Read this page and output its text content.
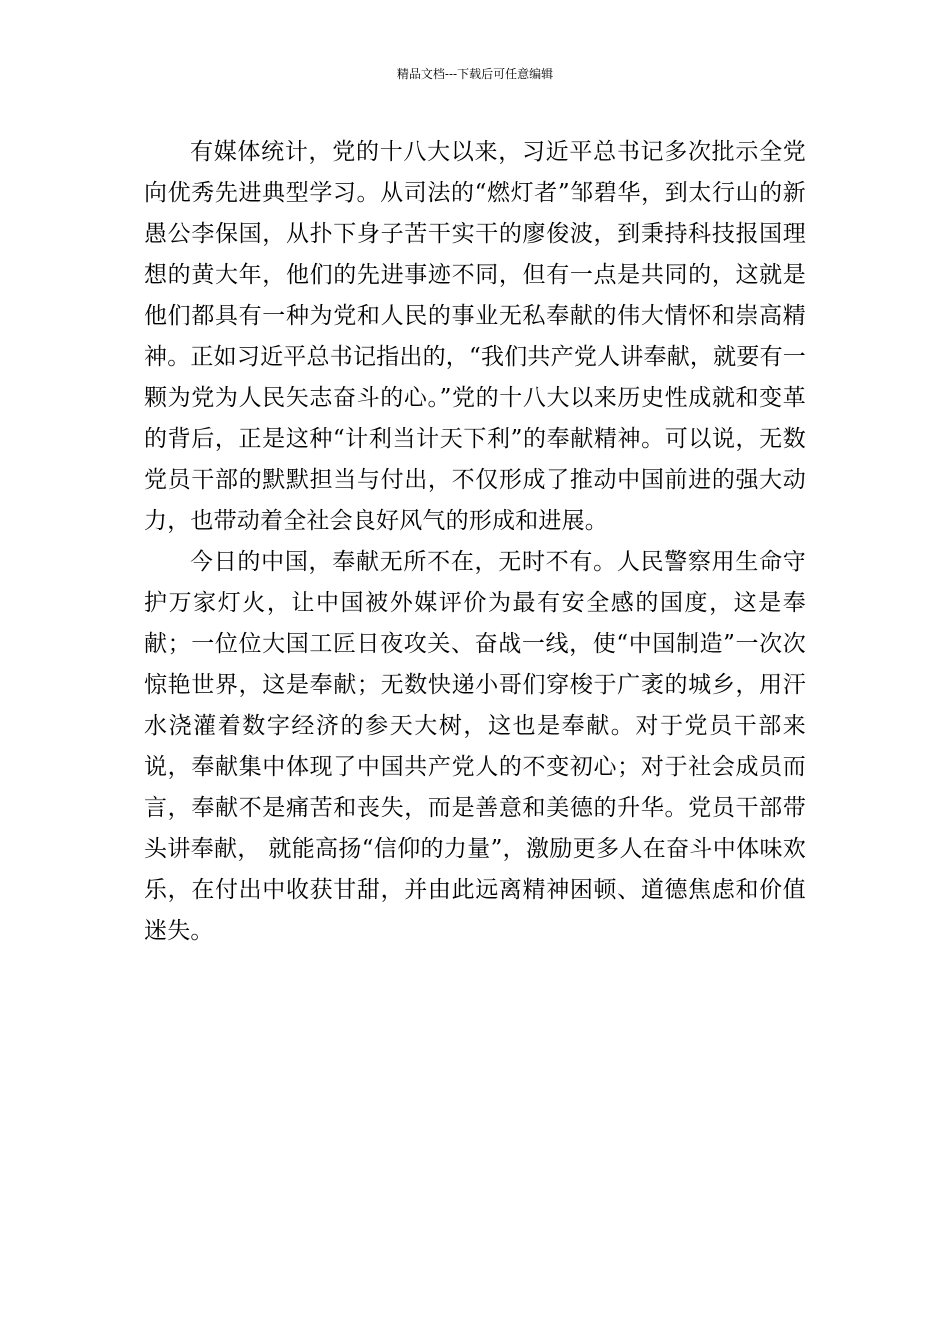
精品文档---下载后可任意编辑

有媒体统计，党的十八大以来，习近平总书记多次批示全党向优秀先进典型学习。从司法的“燃灯者”邹碧华，到太行山的新愚公李保国，从扑下身子苦干实干的廖俊波，到秉持科技报国理想的黄大年，他们的先进事迹不同，但有一点是共同的，这就是他们都具有一种为党和人民的事业无私奉献的伟大情怀和崇高精神。正如习近平总书记指出的，“我们共产党人讲奉献，就要有一颗为党为人民矢志奋斗的心。”党的十八大以来历史性成就和变革的背后，正是这种“计利当计天下利”的奉献精神。可以说，无数党员干部的默默担当与付出，不仅形成了推动中国前进的强大动力，也带动着全社会良好风气的形成和进展。

今日的中国，奉献无所不在，无时不有。人民警察用生命守护万家灯火，让中国被外媒评价为最有安全感的国度，这是奉献；一位位大国工匠日夜攻关、奋战一线，使“中国制造”一次次惊艳世界，这是奉献；无数快递小哥们穿梭于广袤的城乡，用汗水浇灌着数字经济的参天大树，这也是奉献。对于党员干部来说，奉献集中体现了中国共产党人的不变初心；对于社会成员而言，奉献不是痛苦和丧失，而是善意和美德的升华。党员干部带头讲奉献， 就能高扬“信仰的力量”，激励更多人在奋斗中体味欢乐，在付出中收获甘甜，并由此远离精神困顿、道德焦虑和价值迷失。
